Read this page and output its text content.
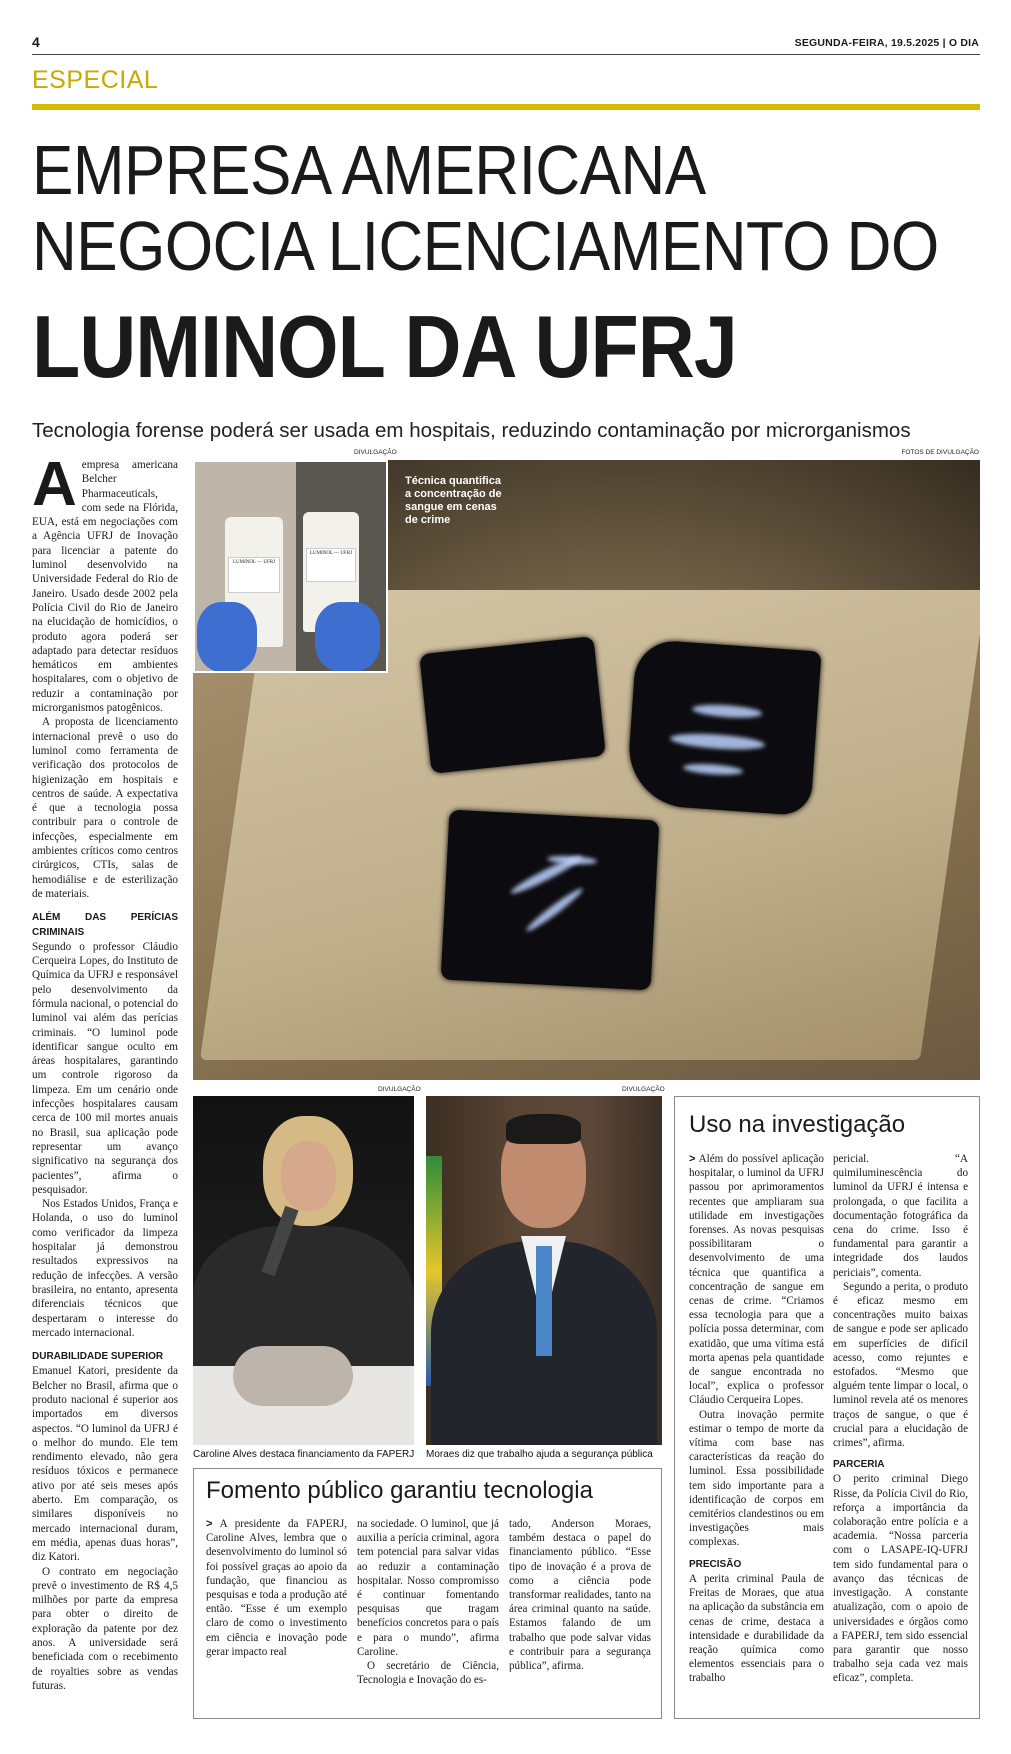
4	SEGUNDA-FEIRA, 19.5.2025 | O DIA
ESPECIAL
EMPRESA AMERICANA
NEGOCIA LICENCIAMENTO DO
LUMINOL DA UFRJ
Tecnologia forense poderá ser usada em hospitais, reduzindo contaminação por microrganismos

Aempresa americana Belcher Pharmaceuticals, com sede na Flórida, EUA, está em negociações com a Agência UFRJ de Inovação para licenciar a patente do luminol desenvolvido na Universidade Federal do Rio de Janeiro. Usado desde 2002 pela Polícia Civil do Rio de Janeiro na elucidação de homicídios, o produto agora poderá ser adaptado para detectar resíduos hemáticos em ambientes hospitalares, com o objetivo de reduzir a contaminação por microrganismos patogênicos.

A proposta de licenciamento internacional prevê o uso do luminol como ferramenta de verificação dos protocolos de higienização em hospitais e centros de saúde. A expectativa é que a tecnologia possa contribuir para o controle de infecções, especialmente em ambientes críticos como centros cirúrgicos, CTIs, salas de hemodiálise e de esterilização de materiais.

ALÉM DAS PERÍCIAS CRIMINAIS

Segundo o professor Cláudio Cerqueira Lopes, do Instituto de Química da UFRJ e responsável pelo desenvolvimento da fórmula nacional, o potencial do luminol vai além das perícias criminais. “O luminol pode identificar sangue oculto em áreas hospitalares, garantindo um controle rigoroso da limpeza. Em um cenário onde infecções hospitalares causam cerca de 100 mil mortes anuais no Brasil, sua aplicação pode representar um avanço significativo na segurança dos pacientes”, afirma o pesquisador.

Nos Estados Unidos, França e Holanda, o uso do luminol como verificador da limpeza hospitalar já demonstrou resultados expressivos na redução de infecções. A versão brasileira, no entanto, apresenta diferenciais técnicos que despertaram o interesse do mercado internacional.

DURABILIDADE SUPERIOR

Emanuel Katori, presidente da Belcher no Brasil, afirma que o produto nacional é superior aos importados em diversos aspectos. “O luminol da UFRJ é o melhor do mundo. Ele tem rendimento elevado, não gera resíduos tóxicos e permanece ativo por até seis meses após aberto. Em comparação, os similares disponíveis no mercado internacional duram, em média, apenas duas horas”, diz Katori.

O contrato em negociação prevê o investimento de R$ 4,5 milhões por parte da empresa para obter o direito de exploração da patente por dez anos. A universidade será beneficiada com o recebimento de royalties sobre as vendas futuras.

DIVULGAÇÃO	FOTOS DE DIVULGAÇÃO
LUMINOL — UFRJ
LUMINOL — UFRJ
Técnica quantifica a concentração de sangue em cenas de crime
DIVULGAÇÃO
Caroline Alves destaca financiamento da FAPERJ
DIVULGAÇÃO
Moraes diz que trabalho ajuda a segurança pública
Fomento público garantiu tecnologia

> A presidente da FAPERJ, Caroline Alves, lembra que o desenvolvimento do luminol só foi possível graças ao apoio da fundação, que financiou as pesquisas e toda a produção até então. “Esse é um exemplo claro de como o investimento em ciência e inovação pode gerar impacto real

na sociedade. O luminol, que já auxilia a perícia criminal, agora tem potencial para salvar vidas ao reduzir a contaminação hospitalar. Nosso compromisso é continuar fomentando pesquisas que tragam benefícios concretos para o país e para o mundo”, afirma Caroline.

O secretário de Ciência, Tecnologia e Inovação do es-

tado, Anderson Moraes, também destaca o papel do financiamento público. “Esse tipo de inovação é a prova de como a ciência pode transformar realidades, tanto na área criminal quanto na saúde. Estamos falando de um trabalho que pode salvar vidas e contribuir para a segurança pública”, afirma.

Uso na investigação

> Além do possível aplicação hospitalar, o luminol da UFRJ passou por aprimoramentos recentes que ampliaram sua utilidade em investigações forenses. As novas pesquisas possibilitaram o desenvolvimento de uma técnica que quantifica a concentração de sangue em cenas de crime. “Criamos essa tecnologia para que a polícia possa determinar, com exatidão, que uma vítima está morta apenas pela quantidade de sangue encontrada no local”, explica o professor Cláudio Cerqueira Lopes.

Outra inovação permite estimar o tempo de morte da vítima com base nas características da reação do luminol. Essa possibilidade tem sido importante para a identificação de corpos em cemitérios clandestinos ou em investigações mais complexas.

PRECISÃO

A perita criminal Paula de Freitas de Moraes, que atua na aplicação da substância em cenas de crime, destaca a intensidade e durabilidade da reação química como elementos essenciais para o trabalho

pericial. “A quimiluminescência do luminol da UFRJ é intensa e prolongada, o que facilita a documentação fotográfica da cena do crime. Isso é fundamental para garantir a integridade dos laudos periciais”, comenta.

Segundo a perita, o produto é eficaz mesmo em concentrações muito baixas de sangue e pode ser aplicado em superfícies de difícil acesso, como rejuntes e estofados. “Mesmo que alguém tente limpar o local, o luminol revela até os menores traços de sangue, o que é crucial para a elucidação de crimes”, afirma.

PARCERIA

O perito criminal Diego Risse, da Polícia Civil do Rio, reforça a importância da colaboração entre polícia e a academia. “Nossa parceria com o LASAPE-IQ-UFRJ tem sido fundamental para o avanço das técnicas de investigação. A constante atualização, com o apoio de universidades e órgãos como a FAPERJ, tem sido essencial para garantir que nosso trabalho seja cada vez mais eficaz”, completa.
